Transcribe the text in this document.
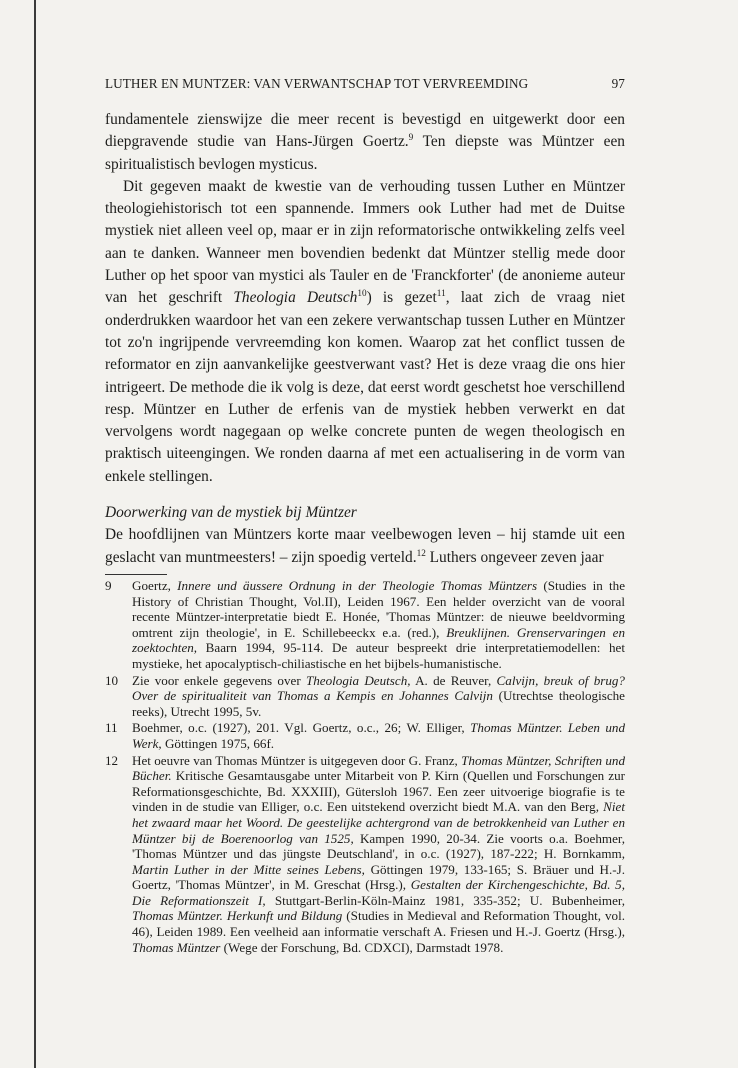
LUTHER EN MUNTZER: VAN VERWANTSCHAP TOT VERVREEMDING	97

fundamentele zienswijze die meer recent is bevestigd en uitgewerkt door een diepgravende studie van Hans-Jürgen Goertz.$^9$ Ten diepste was Müntzer een spiritualistisch bevlogen mysticus.

Dit gegeven maakt de kwestie van de verhouding tussen Luther en Müntzer theologiehistorisch tot een spannende. Immers ook Luther had met de Duitse mystiek niet alleen veel op, maar er in zijn reformatorische ontwikkeling zelfs veel aan te danken. Wanneer men bovendien bedenkt dat Müntzer stellig mede door Luther op het spoor van mystici als Tauler en de 'Franckforter' (de anonieme auteur van het geschrift Theologia Deutsch$^{10}$) is gezet$^{11}$, laat zich de vraag niet onderdrukken waardoor het van een zekere verwantschap tussen Luther en Müntzer tot zo'n ingrijpende vervreemding kon komen. Waarop zat het conflict tussen de reformator en zijn aanvankelijke geestverwant vast? Het is deze vraag die ons hier intrigeert. De methode die ik volg is deze, dat eerst wordt geschetst hoe verschillend resp. Müntzer en Luther de erfenis van de mystiek hebben verwerkt en dat vervolgens wordt nagegaan op welke concrete punten de wegen theologisch en praktisch uiteengingen. We ronden daarna af met een actualisering in de vorm van enkele stellingen.

Doorwerking van de mystiek bij Müntzer

De hoofdlijnen van Müntzers korte maar veelbewogen leven – hij stamde uit een geslacht van muntmeesters! – zijn spoedig verteld.$^{12}$ Luthers ongeveer zeven jaar

9 Goertz, Innere und äussere Ordnung in der Theologie Thomas Müntzers (Studies in the History of Christian Thought, Vol.II), Leiden 1967. Een helder overzicht van de vooral recente Müntzer-interpretatie biedt E. Honée, 'Thomas Müntzer: de nieuwe beeldvorming omtrent zijn theologie', in E. Schillebeeckx e.a. (red.), Breuklijnen. Grenservaringen en zoektochten, Baarn 1994, 95-114. De auteur bespreekt drie interpretatiemodellen: het mystieke, het apocalyptisch-chiliastische en het bijbels-humanistische.
10 Zie voor enkele gegevens over Theologia Deutsch, A. de Reuver, Calvijn, breuk of brug? Over de spiritualiteit van Thomas a Kempis en Johannes Calvijn (Utrechtse theologische reeks), Utrecht 1995, 5v.
11 Boehmer, o.c. (1927), 201. Vgl. Goertz, o.c., 26; W. Elliger, Thomas Müntzer. Leben und Werk, Göttingen 1975, 66f.
12 Het oeuvre van Thomas Müntzer is uitgegeven door G. Franz, Thomas Müntzer, Schriften und Bücher. Kritische Gesamtausgabe unter Mitarbeit von P. Kirn (Quellen und Forschungen zur Reformationsgeschichte, Bd. XXXIII), Gütersloh 1967. Een zeer uitvoerige biografie is te vinden in de studie van Elliger, o.c. Een uitstekend overzicht biedt M.A. van den Berg, Niet het zwaard maar het Woord. De geestelijke achtergrond van de betrokkenheid van Luther en Müntzer bij de Boerenoorlog van 1525, Kampen 1990, 20-34. Zie voorts o.a. Boehmer, 'Thomas Müntzer und das jüngste Deutschland', in o.c. (1927), 187-222; H. Bornkamm, Martin Luther in der Mitte seines Lebens, Göttingen 1979, 133-165; S. Bräuer und H.-J. Goertz, 'Thomas Müntzer', in M. Greschat (Hrsg.), Gestalten der Kirchengeschichte, Bd. 5, Die Reformationszeit I, Stuttgart-Berlin-Köln-Mainz 1981, 335-352; U. Bubenheimer, Thomas Müntzer. Herkunft und Bildung (Studies in Medieval and Reformation Thought, vol. 46), Leiden 1989. Een veelheid aan informatie verschaft A. Friesen und H.-J. Goertz (Hrsg.), Thomas Müntzer (Wege der Forschung, Bd. CDXCI), Darmstadt 1978.
